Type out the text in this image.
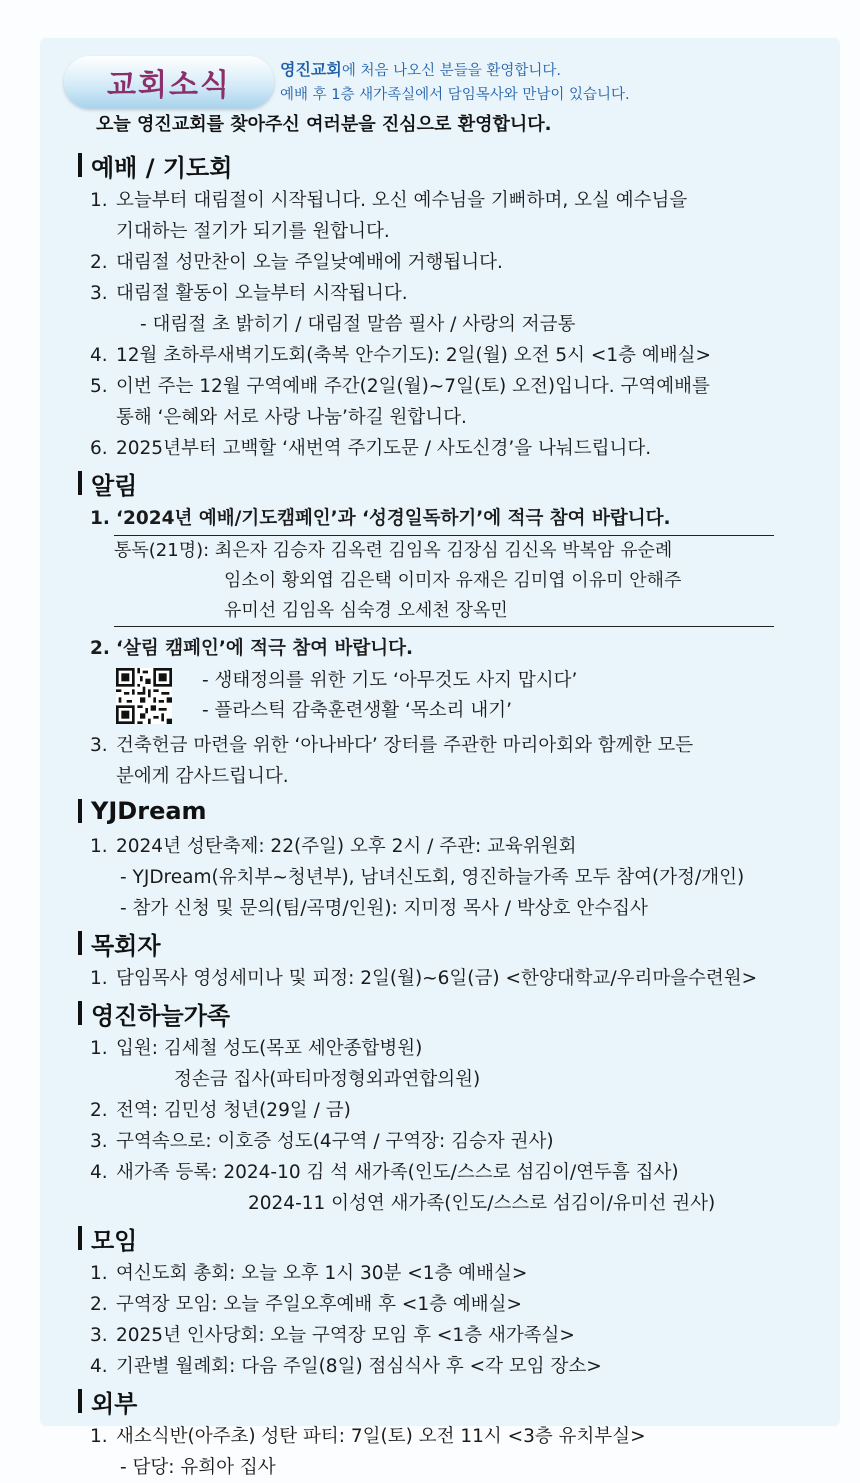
교회소식	영진교회에 처음 나오신 분들을 환영합니다.
예배 후 1층 새가족실에서 담임목사와 만남이 있습니다.
오늘 영진교회를 찾아주신 여러분을 진심으로 환영합니다.
예배 / 기도회
1. 오늘부터 대림절이 시작됩니다. 오신 예수님을 기뻐하며, 오실 예수님을
기대하는 절기가 되기를 원합니다.
2. 대림절 성만찬이 오늘 주일낮예배에 거행됩니다.
3. 대림절 활동이 오늘부터 시작됩니다.
- 대림절 초 밝히기 / 대림절 말씀 필사 / 사랑의 저금통
4. 12월 초하루새벽기도회(축복 안수기도): 2일(월) 오전 5시 <1층 예배실>
5. 이번 주는 12월 구역예배 주간(2일(월)~7일(토) 오전)입니다. 구역예배를
통해 ‘은혜와 서로 사랑 나눔’하길 원합니다.
6. 2025년부터 고백할 ‘새번역 주기도문 / 사도신경’을 나눠드립니다.
알림
1. ‘2024년 예배/기도캠페인’과 ‘성경일독하기’에 적극 참여 바랍니다.
통독(21명): 최은자 김승자 김옥련 김임옥 김장심 김신옥 박복암 유순례
임소이 황외엽 김은택 이미자 유재은 김미엽 이유미 안해주
유미선 김임옥 심숙경 오세천 장옥민
2. ‘살림 캠페인’에 적극 참여 바랍니다.
- 생태정의를 위한 기도 ‘아무것도 사지 맙시다’
- 플라스틱 감축훈련생활 ‘목소리 내기’
3. 건축헌금 마련을 위한 ‘아나바다’ 장터를 주관한 마리아회와 함께한 모든
분에게 감사드립니다.
YJDream
1. 2024년 성탄축제: 22(주일) 오후 2시 / 주관: 교육위원회
- YJDream(유치부~청년부), 남녀신도회, 영진하늘가족 모두 참여(가정/개인)
- 참가 신청 및 문의(팀/곡명/인원): 지미정 목사 / 박상호 안수집사
목회자
1. 담임목사 영성세미나 및 피정: 2일(월)~6일(금) <한양대학교/우리마을수련원>
영진하늘가족
1. 입원: 김세철 성도(목포 세안종합병원)
정손금 집사(파티마정형외과연합의원)
2. 전역: 김민성 청년(29일 / 금)
3. 구역속으로: 이호증 성도(4구역 / 구역장: 김승자 권사)
4. 새가족 등록: 2024-10 김 석 새가족(인도/스스로 섬김이/연두흠 집사)
2024-11 이성연 새가족(인도/스스로 섬김이/유미선 권사)
모임
1. 여신도회 총회: 오늘 오후 1시 30분 <1층 예배실>
2. 구역장 모임: 오늘 주일오후예배 후 <1층 예배실>
3. 2025년 인사당회: 오늘 구역장 모임 후 <1층 새가족실>
4. 기관별 월례회: 다음 주일(8일) 점심식사 후 <각 모임 장소>
외부
1. 새소식반(아주초) 성탄 파티: 7일(토) 오전 11시 <3층 유치부실>
- 담당: 유희아 집사
